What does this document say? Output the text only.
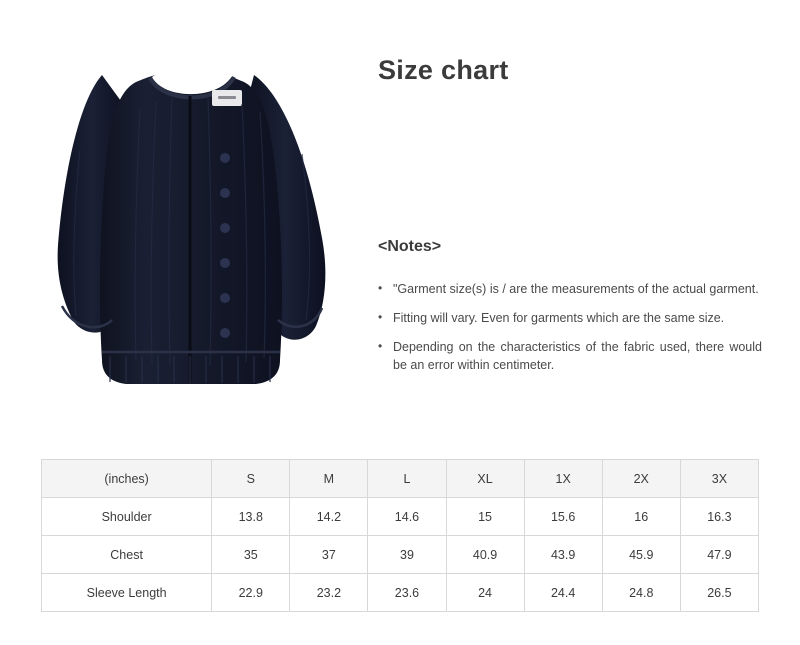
Size chart
<Notes>
• "Garment size(s) is / are the measurements of the actual garment.
• Fitting will vary. Even for garments which are the same size.
• Depending on the characteristics of the fabric used, there would be an error within centimeter.
(inches)	S	M	L	XL	1X	2X	3X
Shoulder	13.8	14.2	14.6	15	15.6	16	16.3
Chest	35	37	39	40.9	43.9	45.9	47.9
Sleeve Length	22.9	23.2	23.6	24	24.4	24.8	26.5
